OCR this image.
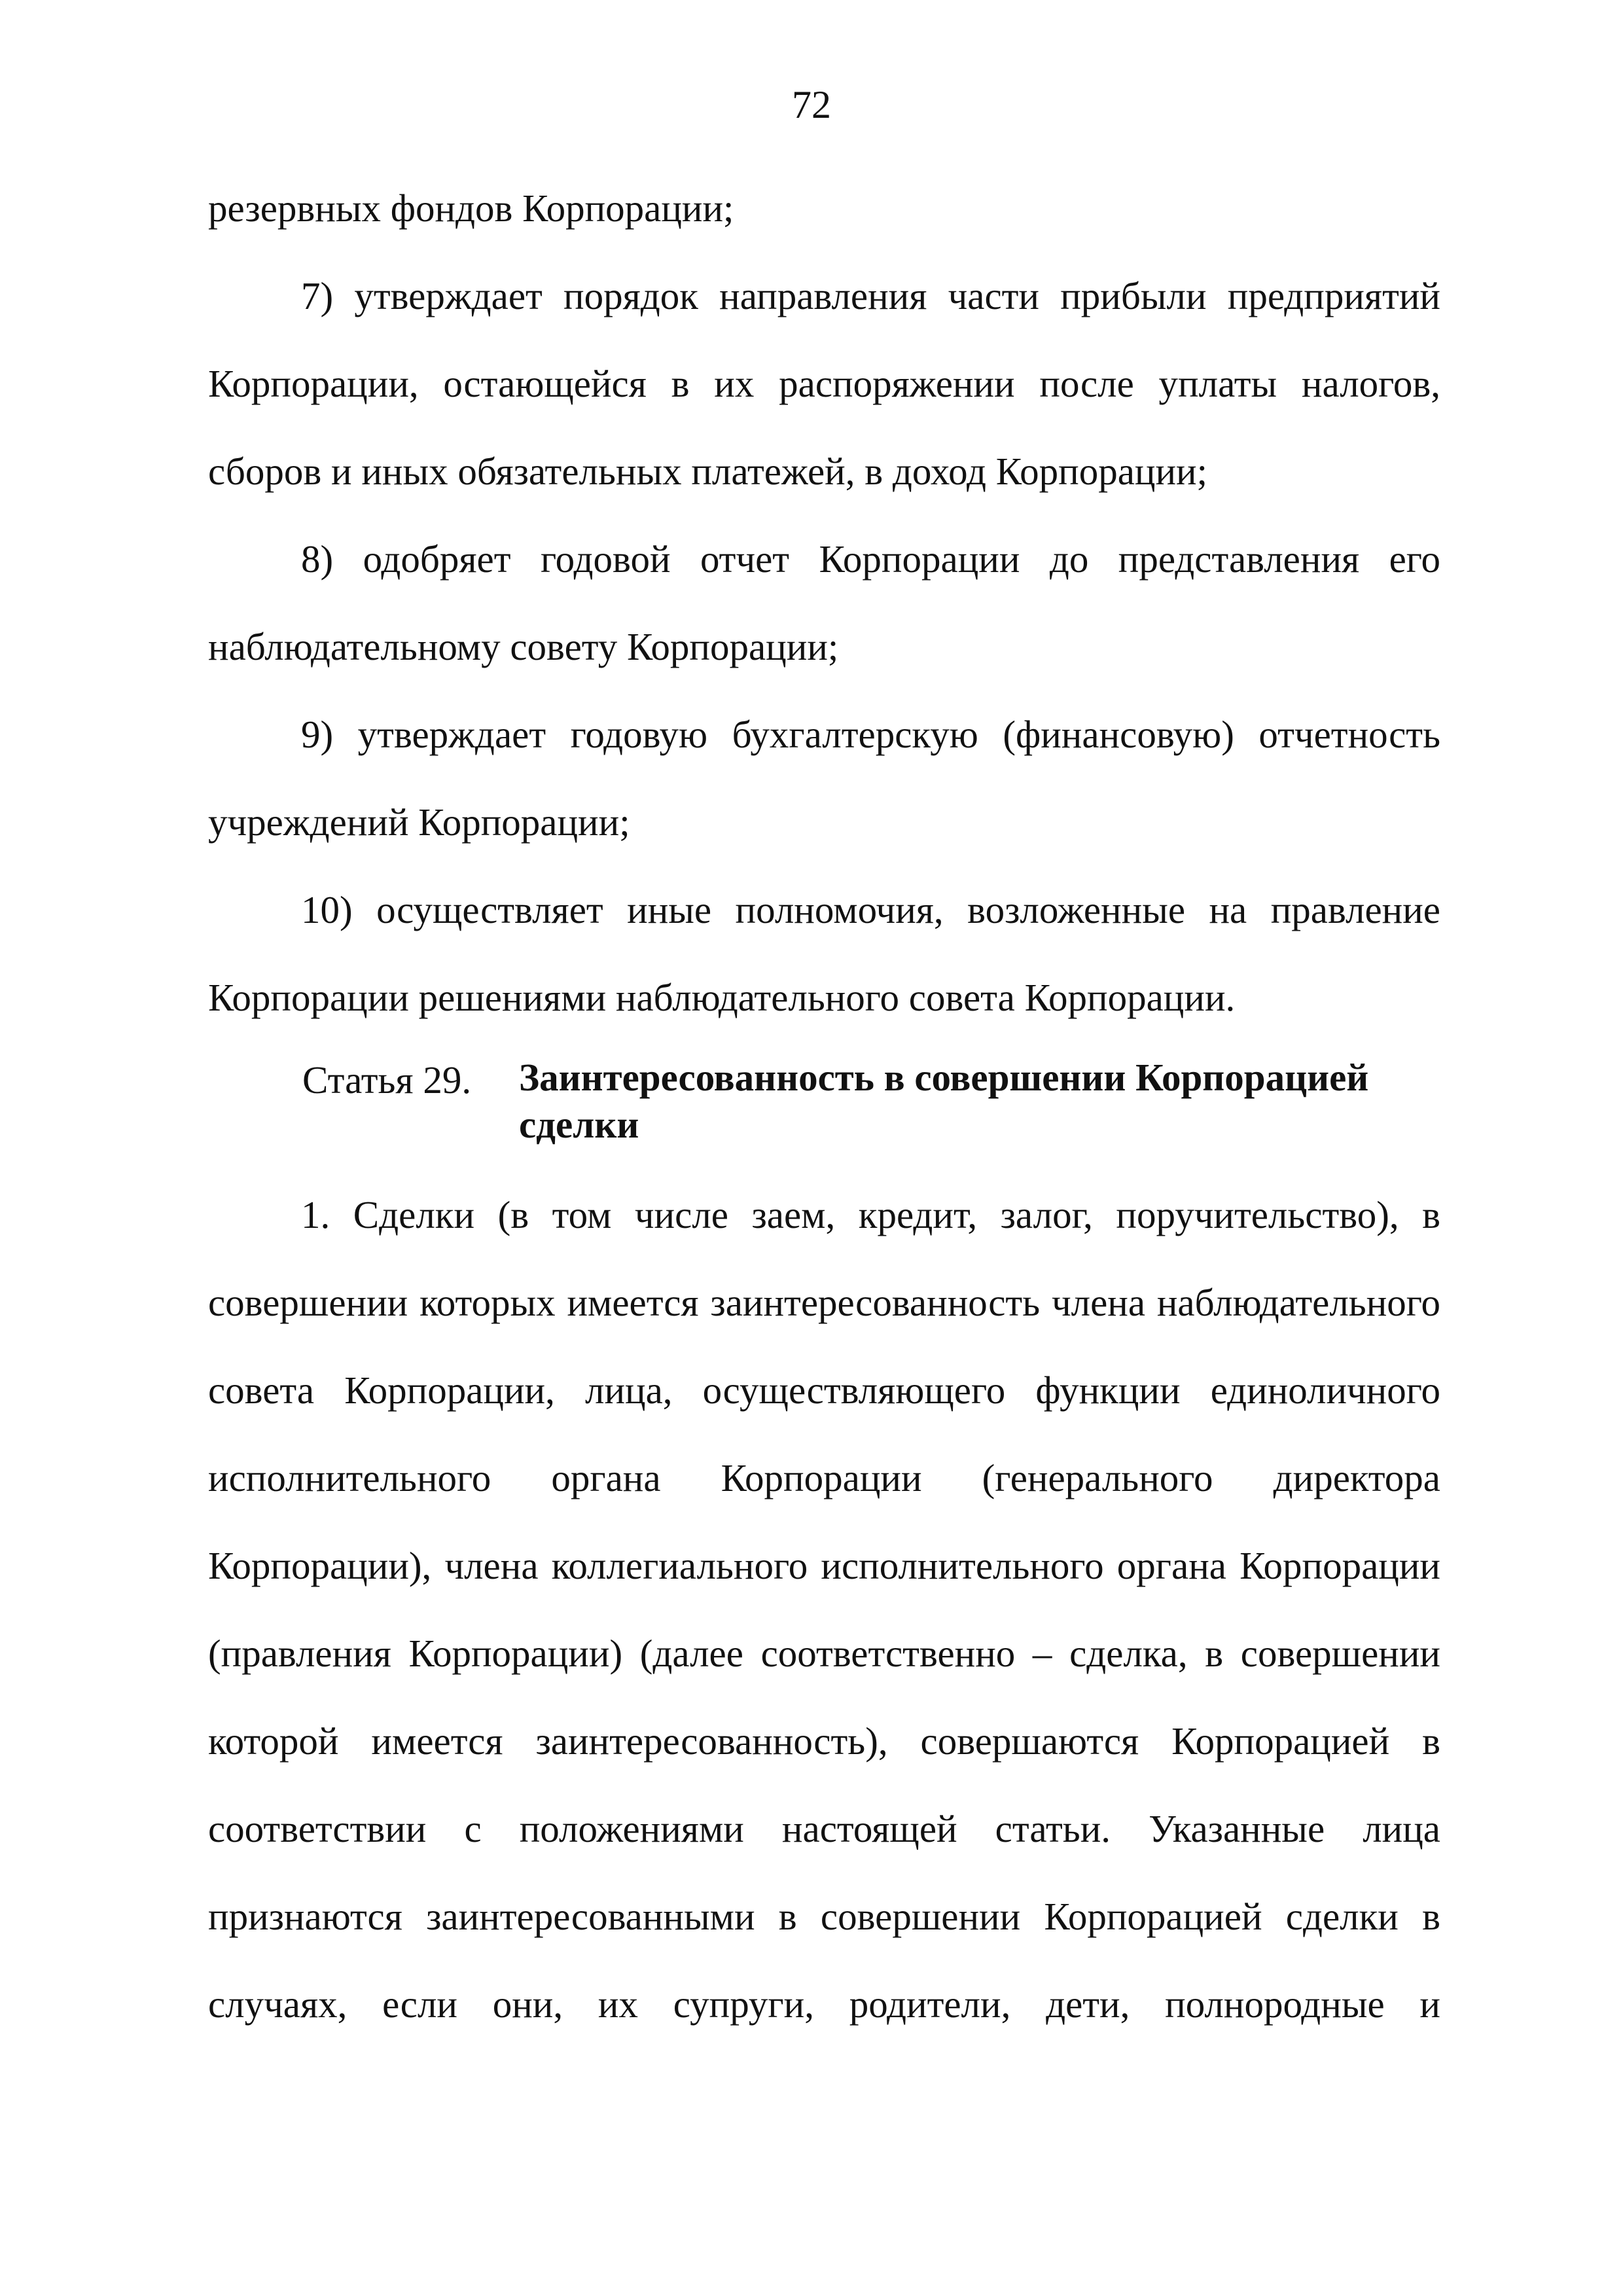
72
резервных фондов Корпорации;
7) утверждает порядок направления части прибыли предприятий
Корпорации, остающейся в их распоряжении после уплаты налогов,
сборов и иных обязательных платежей, в доход Корпорации;
8) одобряет годовой отчет Корпорации до представления его
наблюдательному совету Корпорации;
9) утверждает годовую бухгалтерскую (финансовую) отчетность
учреждений Корпорации;
10) осуществляет иные полномочия, возложенные на правление
Корпорации решениями наблюдательного совета Корпорации.
Статья 29. Заинтересованность в совершении Корпорацией
сделки
1. Сделки (в том числе заем, кредит, залог, поручительство), в
совершении которых имеется заинтересованность члена наблюдательного
совета Корпорации, лица, осуществляющего функции единоличного
исполнительного органа Корпорации (генерального директора
Корпорации), члена коллегиального исполнительного органа Корпорации
(правления Корпорации) (далее соответственно – сделка, в совершении
которой имеется заинтересованность), совершаются Корпорацией в
соответствии с положениями настоящей статьи. Указанные лица
признаются заинтересованными в совершении Корпорацией сделки в
случаях, если они, их супруги, родители, дети, полнородные и
